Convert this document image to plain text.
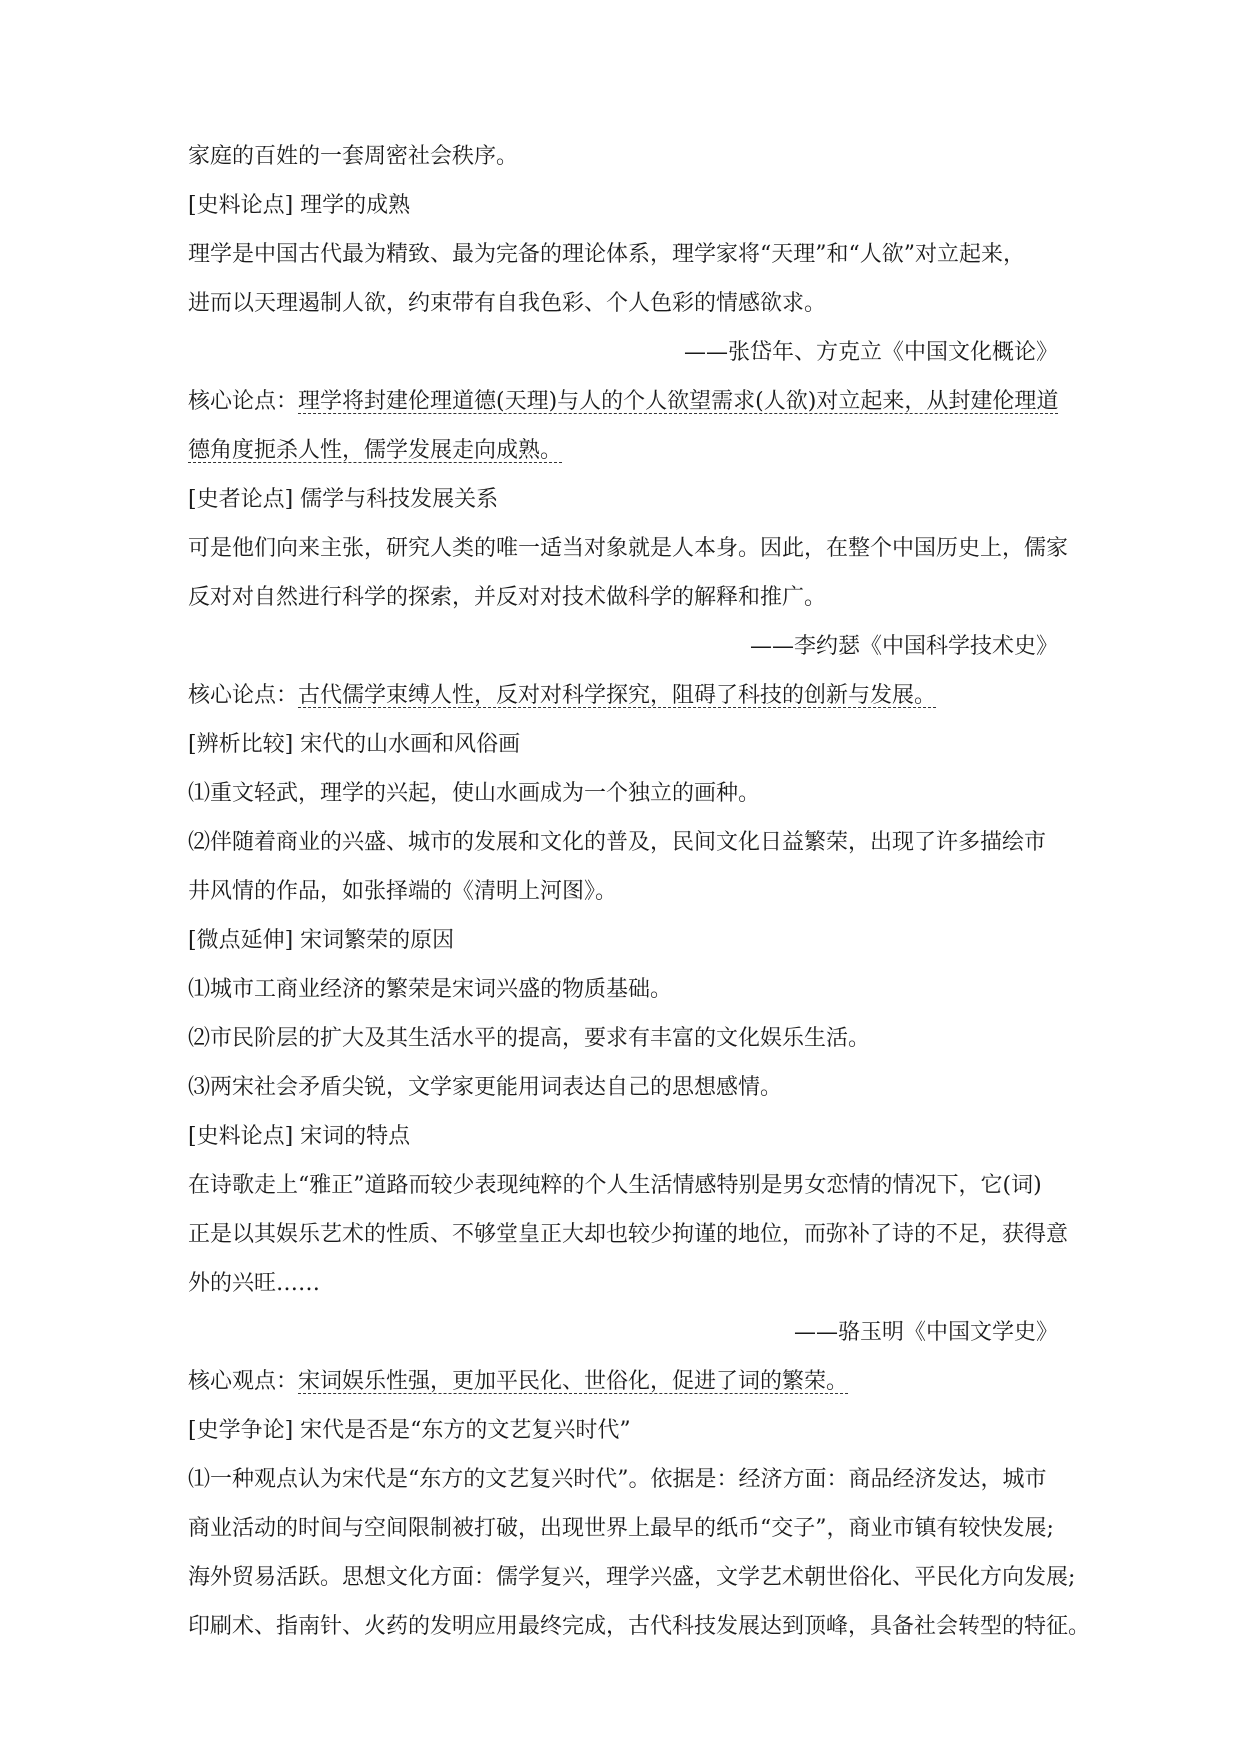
家庭的百姓的一套周密社会秩序。
[史料论点] 理学的成熟
理学是中国古代最为精致、最为完备的理论体系，理学家将“天理”和“人欲”对立起来，
进而以天理遏制人欲，约束带有自我色彩、个人色彩的情感欲求。
——张岱年、方克立《中国文化概论》
核心论点：理学将封建伦理道德(天理)与人的个人欲望需求(人欲)对立起来，从封建伦理道
德角度扼杀人性，儒学发展走向成熟。
[史者论点] 儒学与科技发展关系
可是他们向来主张，研究人类的唯一适当对象就是人本身。因此，在整个中国历史上，儒家
反对对自然进行科学的探索，并反对对技术做科学的解释和推广。
——李约瑟《中国科学技术史》
核心论点：古代儒学束缚人性，反对对科学探究，阻碍了科技的创新与发展。
[辨析比较] 宋代的山水画和风俗画
⑴重文轻武，理学的兴起，使山水画成为一个独立的画种。
⑵伴随着商业的兴盛、城市的发展和文化的普及，民间文化日益繁荣，出现了许多描绘市
井风情的作品，如张择端的《清明上河图》。
[微点延伸] 宋词繁荣的原因
⑴城市工商业经济的繁荣是宋词兴盛的物质基础。
⑵市民阶层的扩大及其生活水平的提高，要求有丰富的文化娱乐生活。
⑶两宋社会矛盾尖锐，文学家更能用词表达自己的思想感情。
[史料论点] 宋词的特点
在诗歌走上“雅正”道路而较少表现纯粹的个人生活情感特别是男女恋情的情况下，它(词)
正是以其娱乐艺术的性质、不够堂皇正大却也较少拘谨的地位，而弥补了诗的不足，获得意
外的兴旺……
——骆玉明《中国文学史》
核心观点：宋词娱乐性强，更加平民化、世俗化，促进了词的繁荣。
[史学争论] 宋代是否是“东方的文艺复兴时代”
⑴一种观点认为宋代是“东方的文艺复兴时代”。依据是：经济方面：商品经济发达，城市
商业活动的时间与空间限制被打破，出现世界上最早的纸币“交子”，商业市镇有较快发展;
海外贸易活跃。思想文化方面：儒学复兴，理学兴盛，文学艺术朝世俗化、平民化方向发展;
印刷术、指南针、火药的发明应用最终完成，古代科技发展达到顶峰，具备社会转型的特征。
